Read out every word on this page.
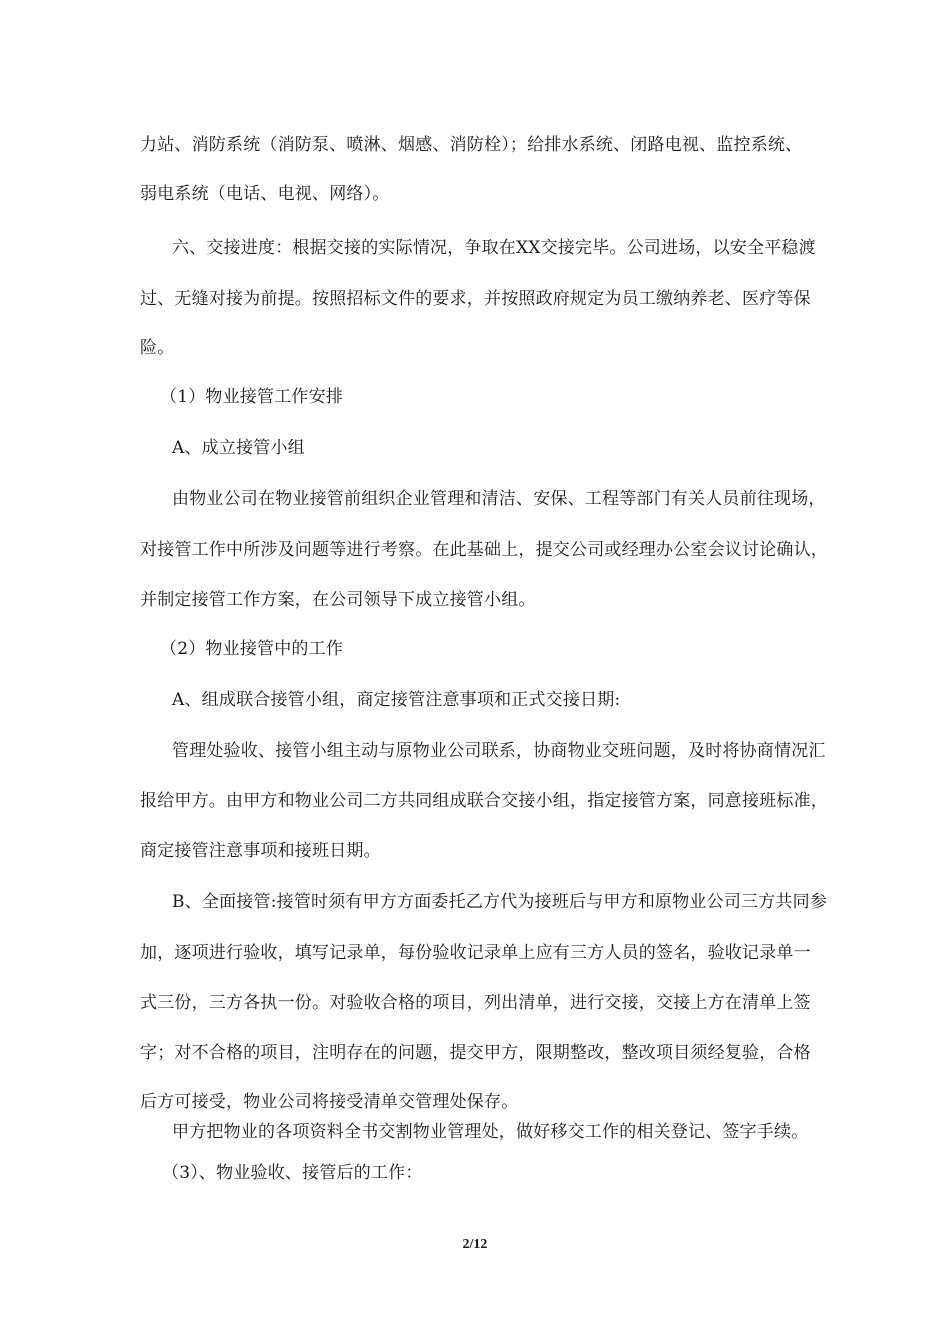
力站、消防系统（消防泵、喷淋、烟感、消防栓）；给排水系统、闭路电视、监控系统、
弱电系统（电话、电视、网络）。
六、交接进度：根据交接的实际情况，争取在XX交接完毕。公司进场，以安全平稳渡
过、无缝对接为前提。按照招标文件的要求，并按照政府规定为员工缴纳养老、医疗等保
险。
（1）物业接管工作安排
A、成立接管小组
由物业公司在物业接管前组织企业管理和清洁、安保、工程等部门有关人员前往现场，
对接管工作中所涉及问题等进行考察。在此基础上，提交公司或经理办公室会议讨论确认，
并制定接管工作方案，在公司领导下成立接管小组。
（2）物业接管中的工作
A、组成联合接管小组，商定接管注意事项和正式交接日期:
管理处验收、接管小组主动与原物业公司联系，协商物业交班问题，及时将协商情况汇
报给甲方。由甲方和物业公司二方共同组成联合交接小组，指定接管方案，同意接班标准，
商定接管注意事项和接班日期。
B、全面接管:接管时须有甲方方面委托乙方代为接班后与甲方和原物业公司三方共同参
加，逐项进行验收，填写记录单，每份验收记录单上应有三方人员的签名，验收记录单一
式三份，三方各执一份。对验收合格的项目，列出清单，进行交接，交接上方在清单上签
字；对不合格的项目，注明存在的问题，提交甲方，限期整改，整改项目须经复验，合格
后方可接受，物业公司将接受清单交管理处保存。
甲方把物业的各项资料全书交割物业管理处，做好移交工作的相关登记、签字手续。
（3）、物业验收、接管后的工作：
2/12
